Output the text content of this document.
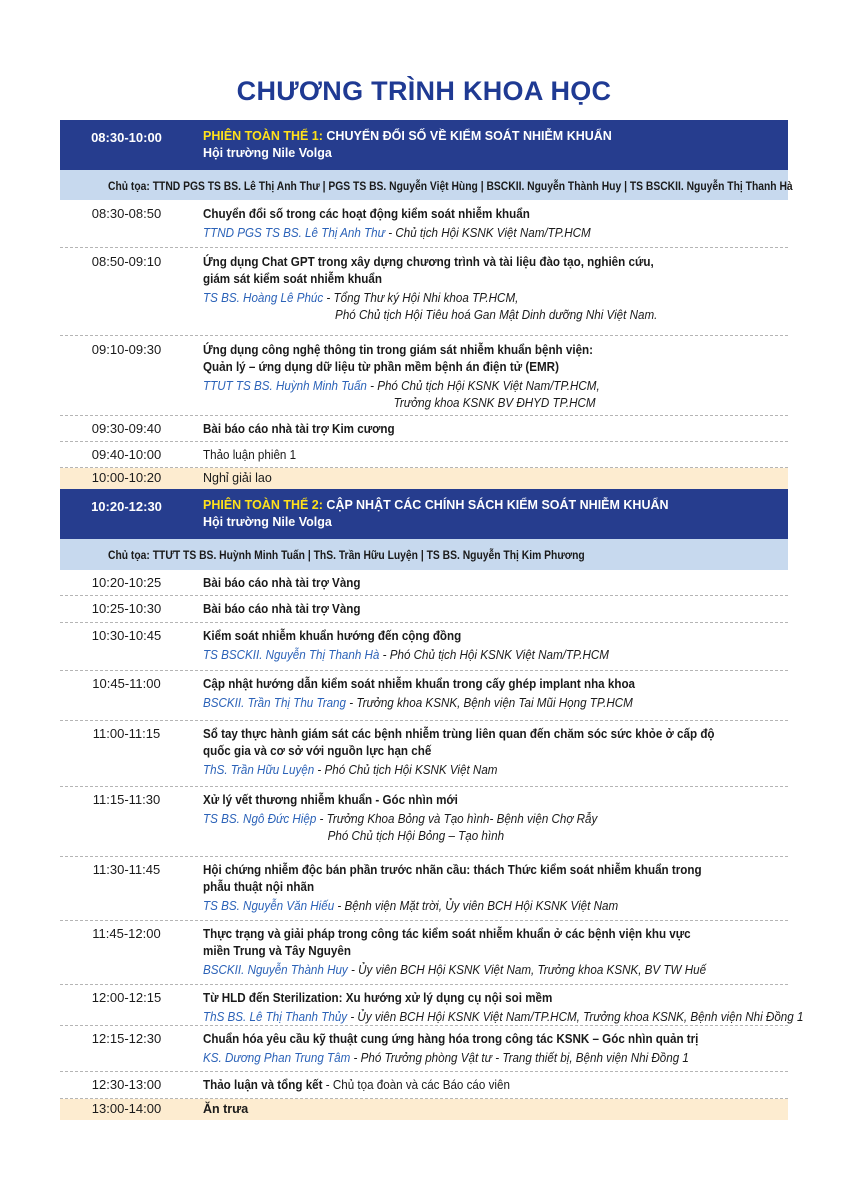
CHƯƠNG TRÌNH KHOA HỌC
08:30-10:00	PHIÊN TOÀN THỂ 1: CHUYỂN ĐỔI SỐ VỀ KIỂM SOÁT NHIỄM KHUẨN
Hội trường Nile Volga
Chủ tọa: TTND PGS TS BS. Lê Thị Anh Thư | PGS TS BS. Nguyễn Việt Hùng | BSCKII. Nguyễn Thành Huy | TS BSCKII. Nguyễn Thị Thanh Hà
08:30-08:50	Chuyển đổi số trong các hoạt động kiểm soát nhiễm khuẩn
TTND PGS TS BS. Lê Thị Anh Thư - Chủ tịch Hội KSNK Việt Nam/TP.HCM
08:50-09:10	Ứng dụng Chat GPT trong xây dựng chương trình và tài liệu đào tạo, nghiên cứu,
giám sát kiểm soát nhiễm khuẩn
TS BS. Hoàng Lê Phúc - Tổng Thư ký Hội Nhi khoa TP.HCM,
Phó Chủ tịch Hội Tiêu hoá Gan Mật Dinh dưỡng Nhi Việt Nam.
09:10-09:30	Ứng dụng công nghệ thông tin trong giám sát nhiễm khuẩn bệnh viện:
Quản lý – ứng dụng dữ liệu từ phần mềm bệnh án điện tử (EMR)
TTUT TS BS. Huỳnh Minh Tuấn - Phó Chủ tịch Hội KSNK Việt Nam/TP.HCM,
Trưởng khoa KSNK BV ĐHYD TP.HCM
09:30-09:40	Bài báo cáo nhà tài trợ Kim cương
09:40-10:00	Thảo luận phiên 1
10:00-10:20	Nghỉ giải lao
10:20-12:30	PHIÊN TOÀN THỂ 2: CẬP NHẬT CÁC CHÍNH SÁCH KIỂM SOÁT NHIỄM KHUẨN
Hội trường Nile Volga
Chủ tọa: TTƯT TS BS. Huỳnh Minh Tuấn | ThS. Trần Hữu Luyện | TS BS. Nguyễn Thị Kim Phương
10:20-10:25	Bài báo cáo nhà tài trợ Vàng
10:25-10:30	Bài báo cáo nhà tài trợ Vàng
10:30-10:45	Kiểm soát nhiễm khuẩn hướng đến cộng đồng
TS BSCKII. Nguyễn Thị Thanh Hà - Phó Chủ tịch Hội KSNK Việt Nam/TP.HCM
10:45-11:00	Cập nhật hướng dẫn kiểm soát nhiễm khuẩn trong cấy ghép implant nha khoa
BSCKII. Trần Thị Thu Trang - Trưởng khoa KSNK, Bệnh viện Tai Mũi Họng TP.HCM
11:00-11:15	Sổ tay thực hành giám sát các bệnh nhiễm trùng liên quan đến chăm sóc sức khỏe ở cấp độ
quốc gia và cơ sở với nguồn lực hạn chế
ThS. Trần Hữu Luyện - Phó Chủ tịch Hội KSNK Việt Nam
11:15-11:30	Xử lý vết thương nhiễm khuẩn - Góc nhìn mới
TS BS. Ngô Đức Hiệp - Trưởng Khoa Bỏng và Tạo hình- Bệnh viện Chợ Rẫy
Phó Chủ tịch Hội Bỏng – Tạo hình
11:30-11:45	Hội chứng nhiễm độc bán phần trước nhãn cầu: thách Thức kiểm soát nhiễm khuẩn trong
phẫu thuật nội nhãn
TS BS. Nguyễn Văn Hiếu - Bệnh viện Mặt trời, Ủy viên BCH Hội KSNK Việt Nam
11:45-12:00	Thực trạng và giải pháp trong công tác kiểm soát nhiễm khuẩn ở các bệnh viện khu vực
miền Trung và Tây Nguyên
BSCKII. Nguyễn Thành Huy - Ủy viên BCH Hội KSNK Việt Nam, Trưởng khoa KSNK, BV TW Huế
12:00-12:15	Từ HLD đến Sterilization: Xu hướng xử lý dụng cụ nội soi mềm
ThS BS. Lê Thị Thanh Thủy - Ủy viên BCH Hội KSNK Việt Nam/TP.HCM, Trưởng khoa KSNK, Bệnh viện Nhi Đồng 1
12:15-12:30	Chuẩn hóa yêu cầu kỹ thuật cung ứng hàng hóa trong công tác KSNK – Góc nhìn quản trị
KS. Dương Phan Trung Tâm - Phó Trưởng phòng Vật tư - Trang thiết bị, Bệnh viện Nhi Đồng 1
12:30-13:00	Thảo luận và tổng kết - Chủ tọa đoàn và các Báo cáo viên
13:00-14:00	Ăn trưa
